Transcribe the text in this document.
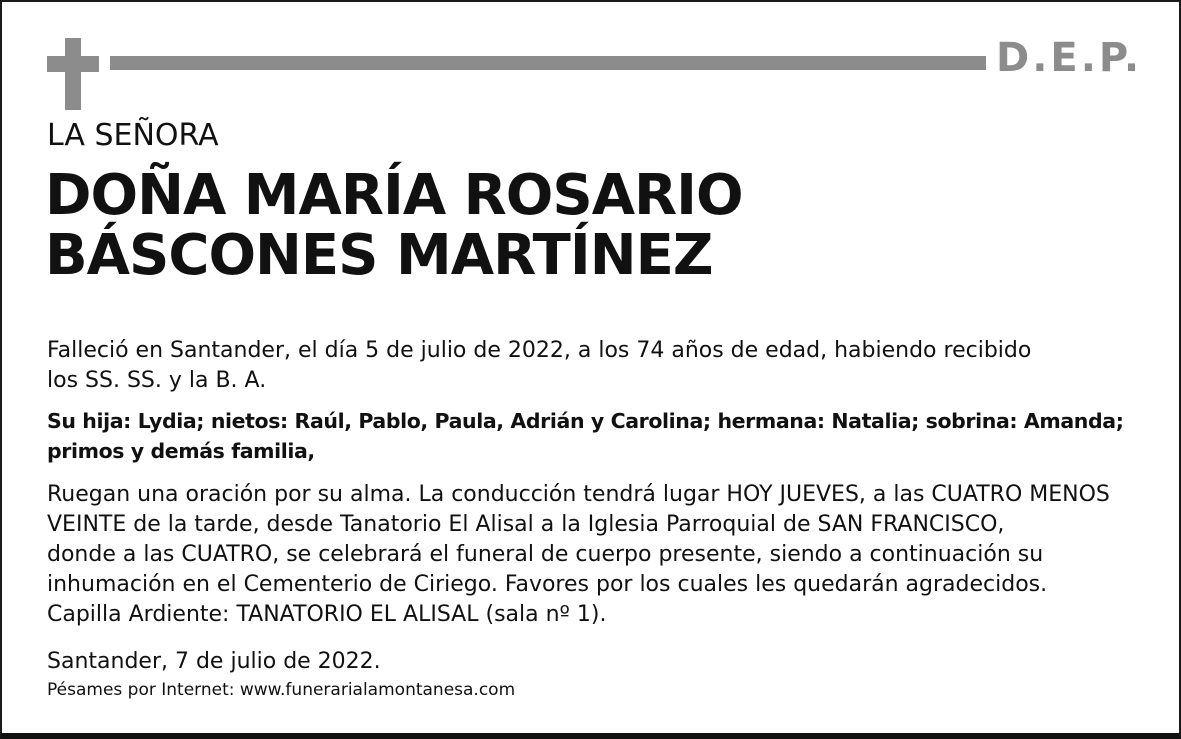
D.E.P.
LA SEÑORA
DOÑA MARÍA ROSARIO
BÁSCONES MARTÍNEZ
Falleció en Santander, el día 5 de julio de 2022, a los 74 años de edad, habiendo recibido
los SS. SS. y la B. A.
Su hija: Lydia; nietos: Raúl, Pablo, Paula, Adrián y Carolina; hermana: Natalia; sobrina: Amanda;
primos y demás familia,
Ruegan una oración por su alma. La conducción tendrá lugar HOY JUEVES, a las CUATRO MENOS
VEINTE de la tarde, desde Tanatorio El Alisal a la Iglesia Parroquial de SAN FRANCISCO,
donde a las CUATRO, se celebrará el funeral de cuerpo presente, siendo a continuación su
inhumación en el Cementerio de Ciriego. Favores por los cuales les quedarán agradecidos.
Capilla Ardiente: TANATORIO EL ALISAL (sala nº 1).
Santander, 7 de julio de 2022.
Pésames por Internet: www.funerarialamontanesa.com
